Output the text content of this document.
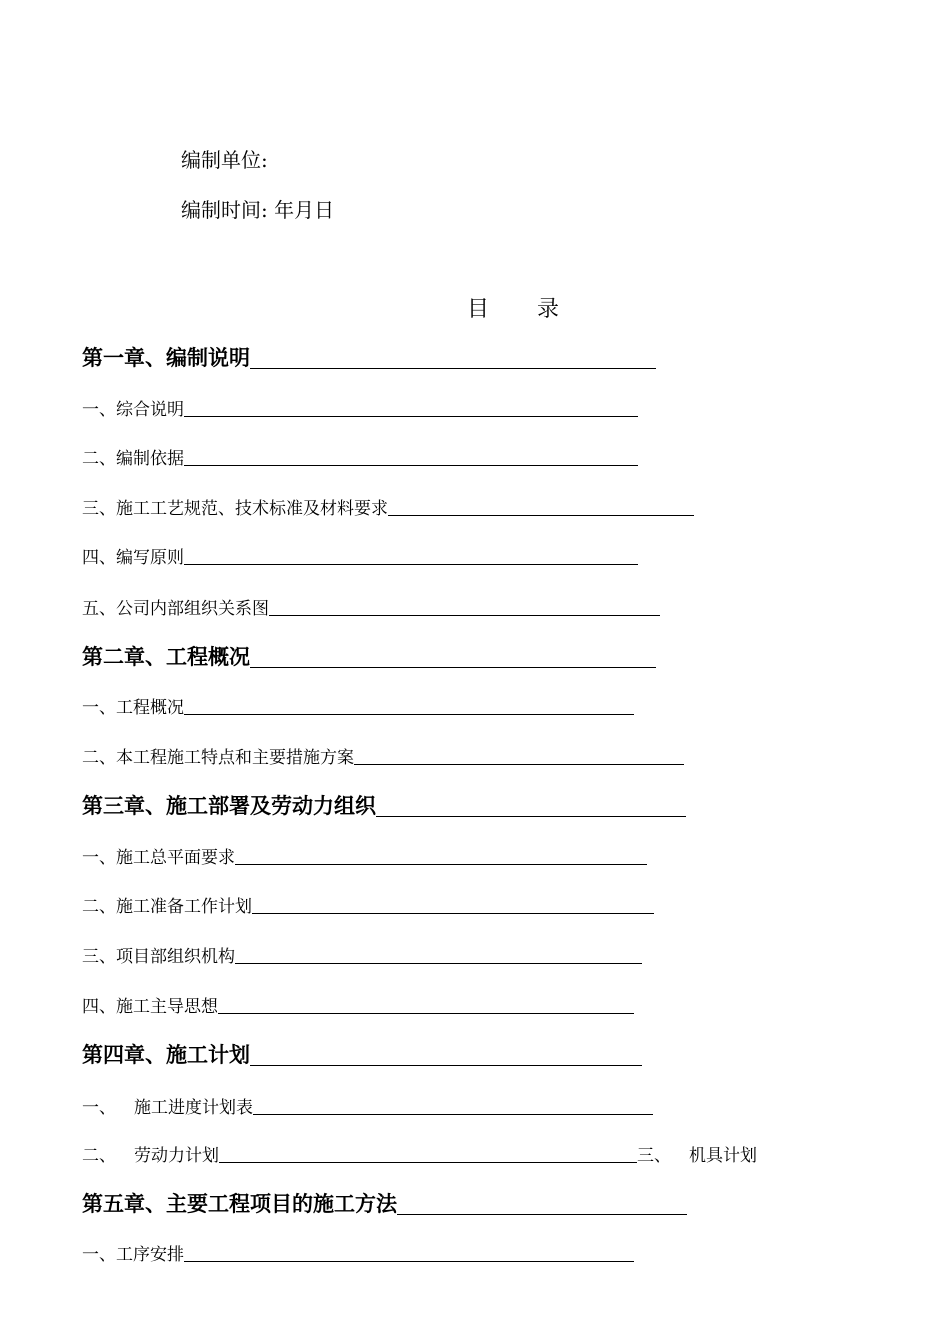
编制单位:
编制时间: 年月日
目 录
第一章、编制说明
一、综合说明
二、编制依据
三、施工工艺规范、技术标准及材料要求
四、编写原则
五、公司内部组织关系图
第二章、工程概况
一、工程概况
二、本工程施工特点和主要措施方案
第三章、施工部署及劳动力组织
一、施工总平面要求
二、施工准备工作计划
三、项目部组织机构
四、施工主导思想
第四章、施工计划
一、 施工进度计划表
二、 劳动力计划	三、 机具计划
第五章、主要工程项目的施工方法
一、工序安排
